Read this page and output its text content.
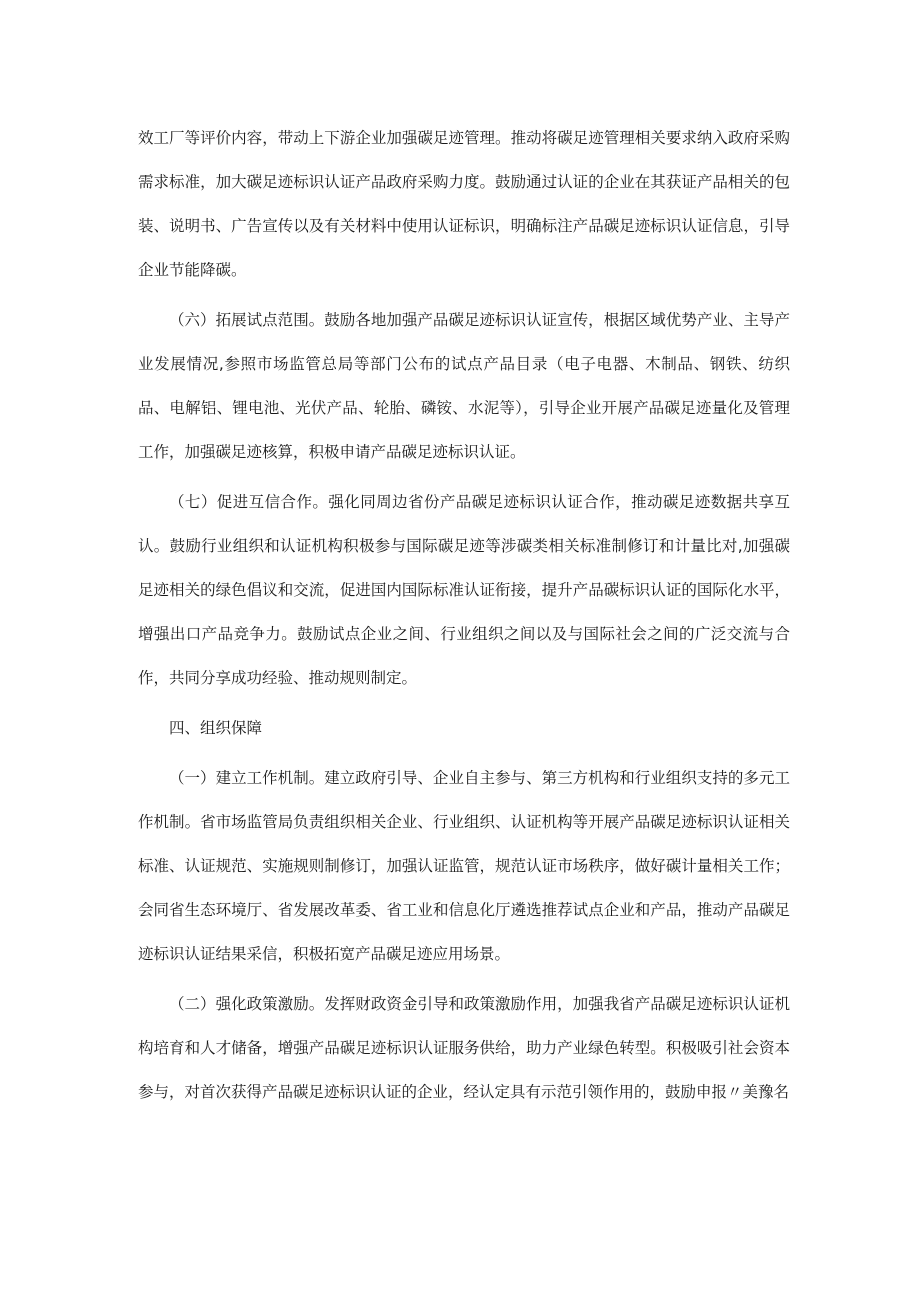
效工厂等评价内容，带动上下游企业加强碳足迹管理。推动将碳足迹管理相关要求纳入政府采购需求标准，加大碳足迹标识认证产品政府采购力度。鼓励通过认证的企业在其获证产品相关的包装、说明书、广告宣传以及有关材料中使用认证标识，明确标注产品碳足迹标识认证信息，引导企业节能降碳。

（六）拓展试点范围。鼓励各地加强产品碳足迹标识认证宣传，根据区域优势产业、主导产业发展情况,参照市场监管总局等部门公布的试点产品目录（电子电器、木制品、钢铁、纺织品、电解铝、锂电池、光伏产品、轮胎、磷铵、水泥等），引导企业开展产品碳足迹量化及管理工作，加强碳足迹核算，积极申请产品碳足迹标识认证。

（七）促进互信合作。强化同周边省份产品碳足迹标识认证合作，推动碳足迹数据共享互认。鼓励行业组织和认证机构积极参与国际碳足迹等涉碳类相关标准制修订和计量比对,加强碳足迹相关的绿色倡议和交流，促进国内国际标准认证衔接，提升产品碳标识认证的国际化水平，增强出口产品竞争力。鼓励试点企业之间、行业组织之间以及与国际社会之间的广泛交流与合作，共同分享成功经验、推动规则制定。

四、组织保障

（一）建立工作机制。建立政府引导、企业自主参与、第三方机构和行业组织支持的多元工作机制。省市场监管局负责组织相关企业、行业组织、认证机构等开展产品碳足迹标识认证相关标准、认证规范、实施规则制修订，加强认证监管，规范认证市场秩序，做好碳计量相关工作；会同省生态环境厅、省发展改革委、省工业和信息化厅遴选推荐试点企业和产品，推动产品碳足迹标识认证结果采信，积极拓宽产品碳足迹应用场景。

（二）强化政策激励。发挥财政资金引导和政策激励作用，加强我省产品碳足迹标识认证机构培育和人才储备，增强产品碳足迹标识认证服务供给，助力产业绿色转型。积极吸引社会资本参与，对首次获得产品碳足迹标识认证的企业，经认定具有示范引领作用的，鼓励申报〃美豫名
